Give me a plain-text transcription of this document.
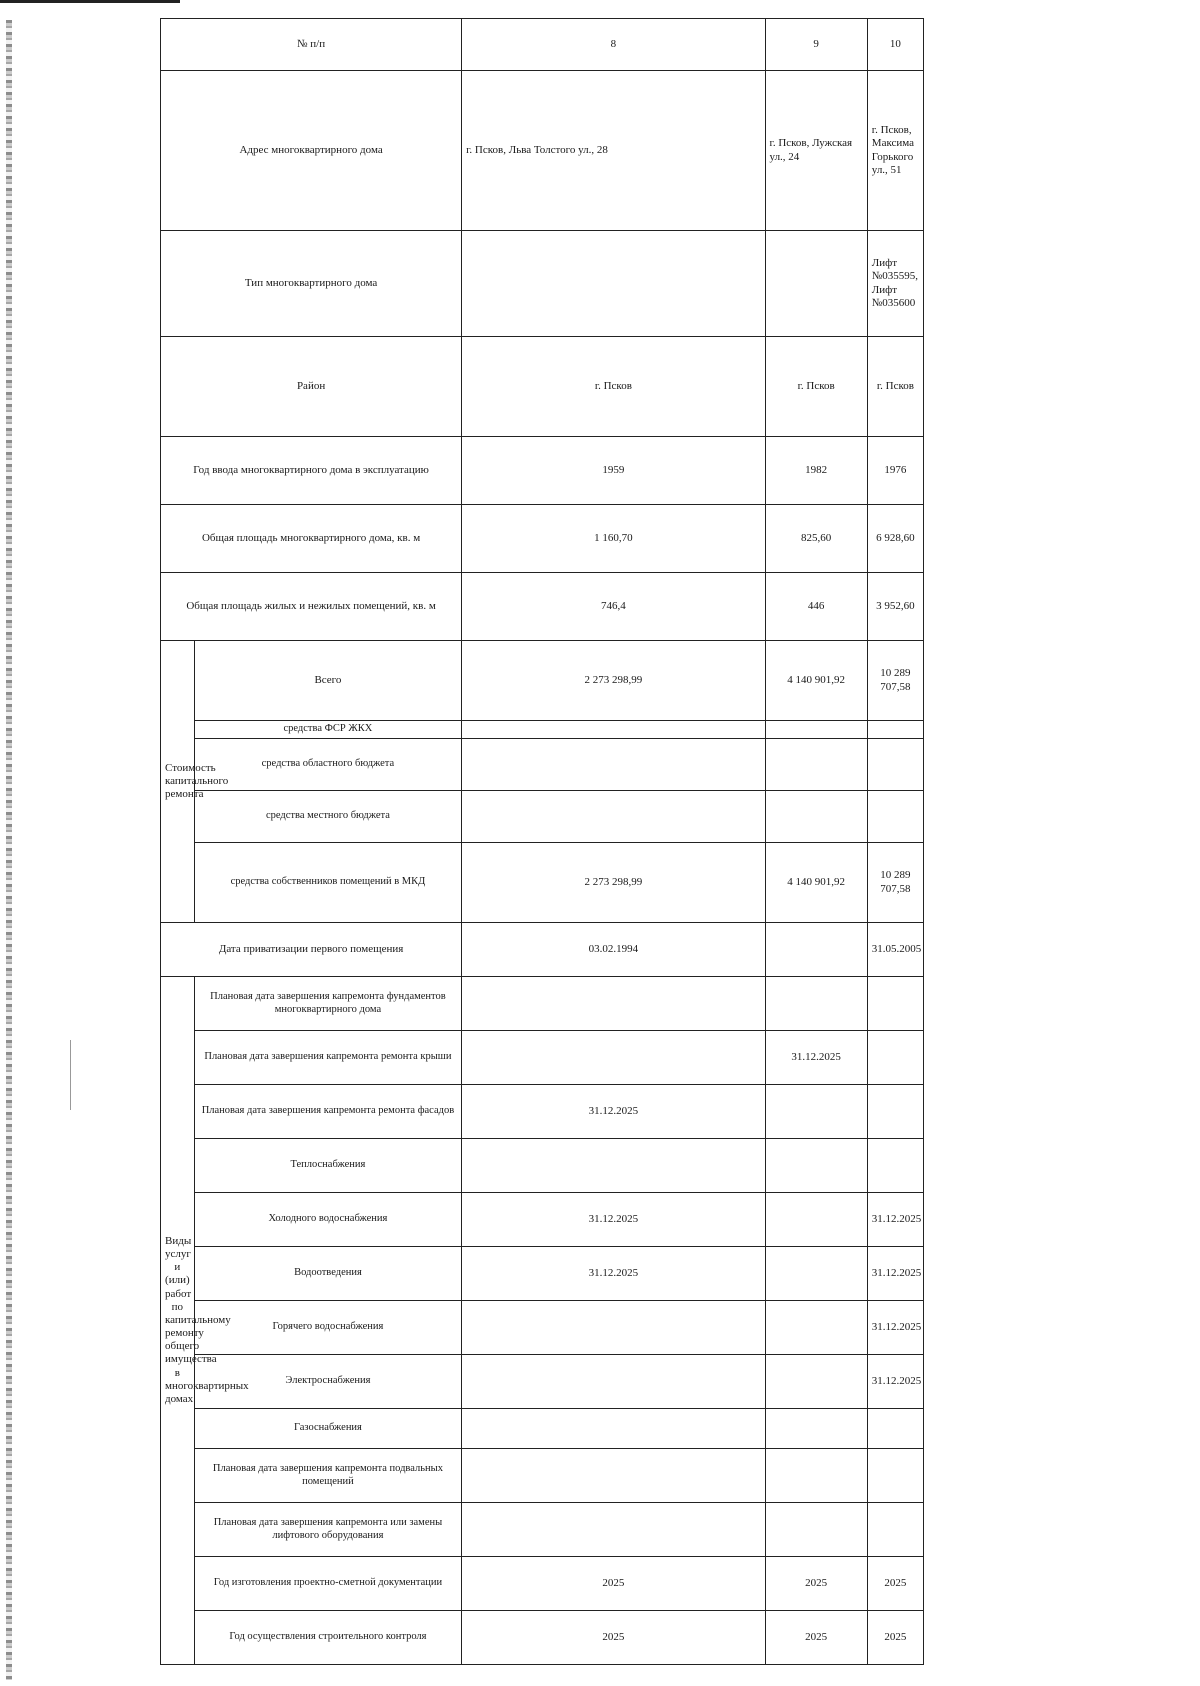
№ п/п		8	9	10
Адрес многоквартирного дома		г. Псков, Льва Толстого ул., 28	г. Псков, Лужская ул., 24	г. Псков, Максима Горького ул., 51
Тип многоквартирного дома				Лифт №035595, Лифт №035600
Район		г. Псков	г. Псков	г. Псков
Год ввода многоквартирного дома в эксплуатацию		1959	1982	1976
Общая площадь многоквартирного дома, кв. м		1 160,70	825,60	6 928,60
Общая площадь жилых и нежилых помещений, кв. м		746,4	446	3 952,60
Стоимость капитального ремонта	Всего	2 273 298,99	4 140 901,92	10 289 707,58
	средства ФСР ЖКХ			
	средства областного бюджета			
	средства местного бюджета			
	средства собственников помещений в МКД	2 273 298,99	4 140 901,92	10 289 707,58
Дата приватизации первого помещения		03.02.1994		31.05.2005
Виды услуг и (или) работ по капитальному ремонту общего имущества в многоквартирных домах	Плановая дата завершения капремонта фундаментов многоквартирного дома			
	Плановая дата завершения капремонта ремонта крыши		31.12.2025	
	Плановая дата завершения капремонта ремонта фасадов	31.12.2025		
	Теплоснабжения			
	Холодного водоснабжения	31.12.2025		31.12.2025
	Водоотведения	31.12.2025		31.12.2025
	Горячего водоснабжения			31.12.2025
	Электроснабжения			31.12.2025
	Газоснабжения			
	Плановая дата завершения капремонта подвальных помещений			
	Плановая дата завершения капремонта или замены лифтового оборудования			
	Год изготовления проектно-сметной документации	2025	2025	2025
	Год осуществления строительного контроля	2025	2025	2025
